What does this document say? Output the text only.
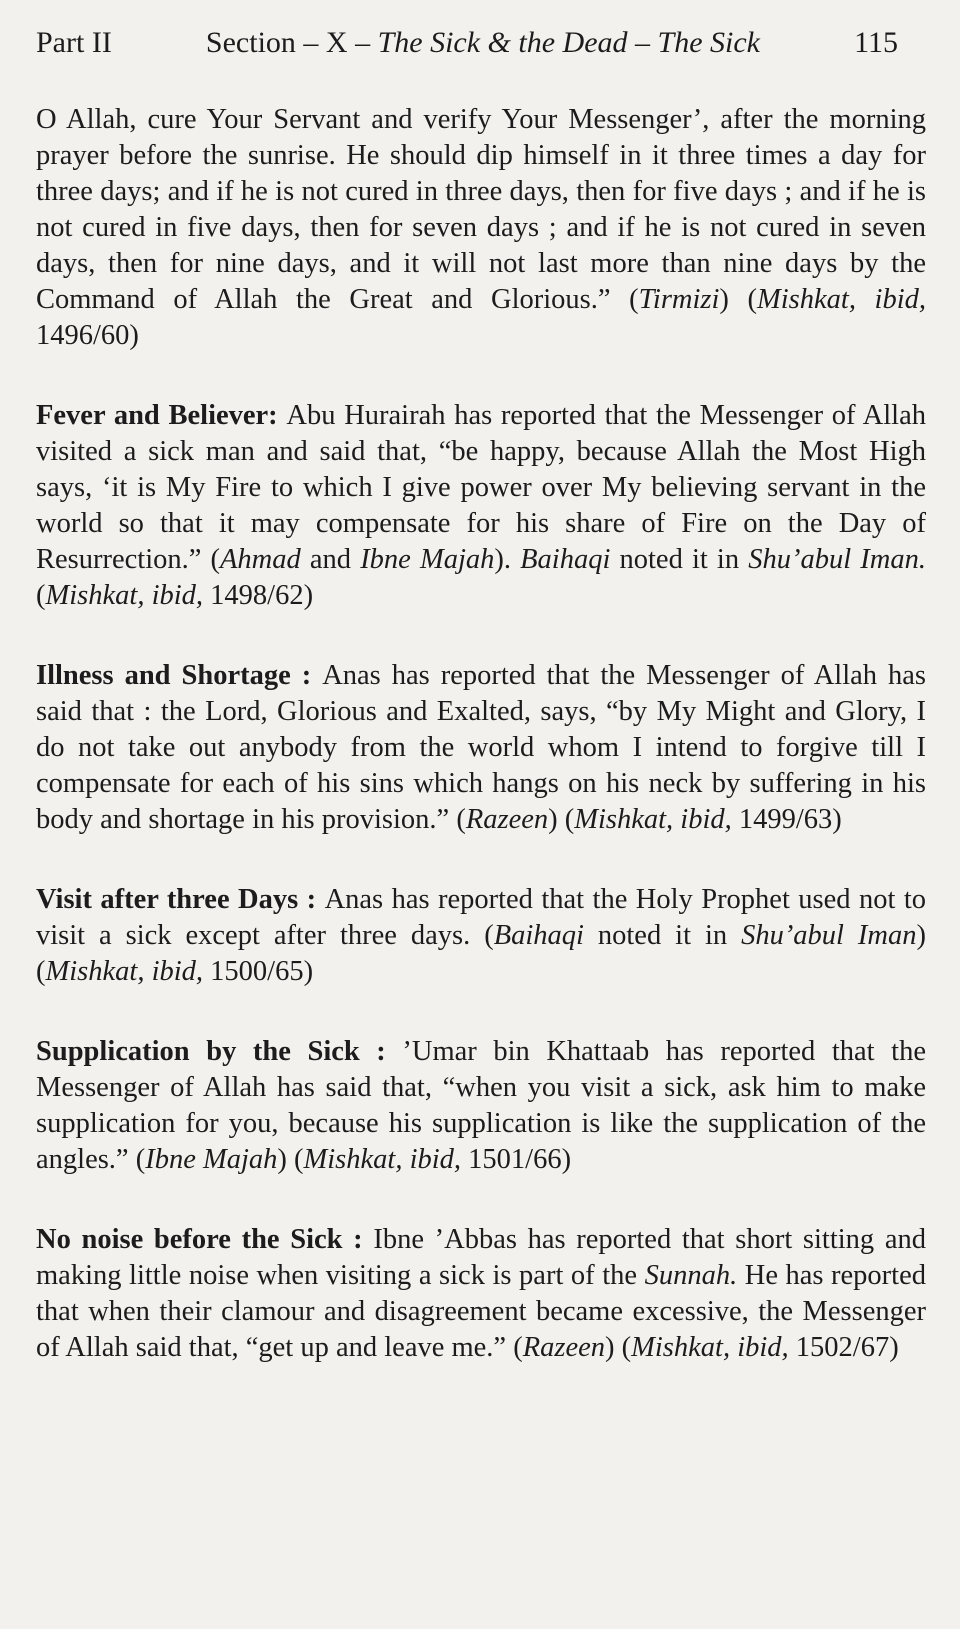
Part II	Section – X – The Sick & the Dead – The Sick	115

O Allah, cure Your Servant and verify Your Messenger’, after the morning prayer before the sunrise. He should dip himself in it three times a day for three days; and if he is not cured in three days, then for five days ; and if he is not cured in five days, then for seven days ; and if he is not cured in seven days, then for nine days, and it will not last more than nine days by the Command of Allah the Great and Glorious.” (Tirmizi) (Mishkat, ibid, 1496/60)

Fever and Believer: Abu Hurairah has reported that the Messenger of Allah visited a sick man and said that, “be happy, because Allah the Most High says, ‘it is My Fire to which I give power over My believing servant in the world so that it may compensate for his share of Fire on the Day of Resurrection.” (Ahmad and Ibne Majah). Baihaqi noted it in Shu’abul Iman. (Mishkat, ibid, 1498/62)

Illness and Shortage : Anas has reported that the Messenger of Allah has said that : the Lord, Glorious and Exalted, says, “by My Might and Glory, I do not take out anybody from the world whom I intend to forgive till I compensate for each of his sins which hangs on his neck by suffering in his body and shortage in his provision.” (Razeen) (Mishkat, ibid, 1499/63)

Visit after three Days : Anas has reported that the Holy Prophet used not to visit a sick except after three days. (Baihaqi noted it in Shu’abul Iman) (Mishkat, ibid, 1500/65)

Supplication by the Sick : ’Umar bin Khattaab has reported that the Messenger of Allah has said that, “when you visit a sick, ask him to make supplication for you, because his supplication is like the supplication of the angles.” (Ibne Majah) (Mishkat, ibid, 1501/66)

No noise before the Sick : Ibne ’Abbas has reported that short sitting and making little noise when visiting a sick is part of the Sunnah. He has reported that when their clamour and disagreement became excessive, the Messenger of Allah said that, “get up and leave me.” (Razeen) (Mishkat, ibid, 1502/67)
